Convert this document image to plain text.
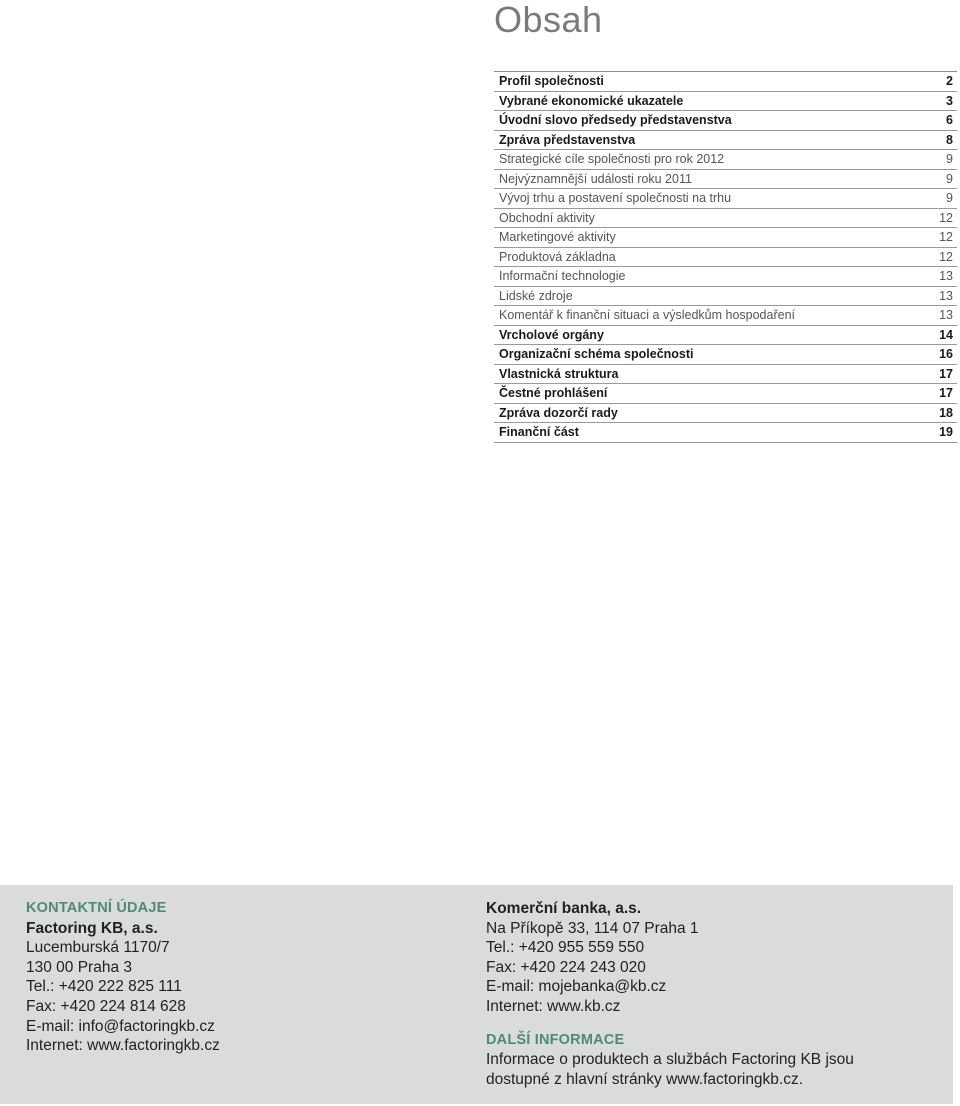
Obsah
Profil společnosti	2
Vybrané ekonomické ukazatele	3
Úvodní slovo předsedy představenstva	6
Zpráva představenstva	8
Strategické cíle společnosti pro rok 2012	9
Nejvýznamnější události roku 2011	9
Vývoj trhu a postavení společnosti na trhu	9
Obchodní aktivity	12
Marketingové aktivity	12
Produktová základna	12
Informační technologie	13
Lidské zdroje	13
Komentář k finanční situaci a výsledkům hospodaření	13
Vrcholové orgány	14
Organizační schéma společnosti	16
Vlastnická struktura	17
Čestné prohlášení	17
Zpráva dozorčí rady	18
Finanční část	19
KONTAKTNÍ ÚDAJE
Factoring KB, a.s.
Lucemburská 1170/7
130 00 Praha 3
Tel.: +420 222 825 111
Fax: +420 224 814 628
E-mail: info@factoringkb.cz
Internet: www.factoringkb.cz
Komerční banka, a.s.
Na Příkopě 33, 114 07 Praha 1
Tel.: +420 955 559 550
Fax: +420 224 243 020
E-mail: mojebanka@kb.cz
Internet: www.kb.cz
DALŠÍ INFORMACE
Informace o produktech a službách Factoring KB jsou
dostupné z hlavní stránky www.factoringkb.cz.
